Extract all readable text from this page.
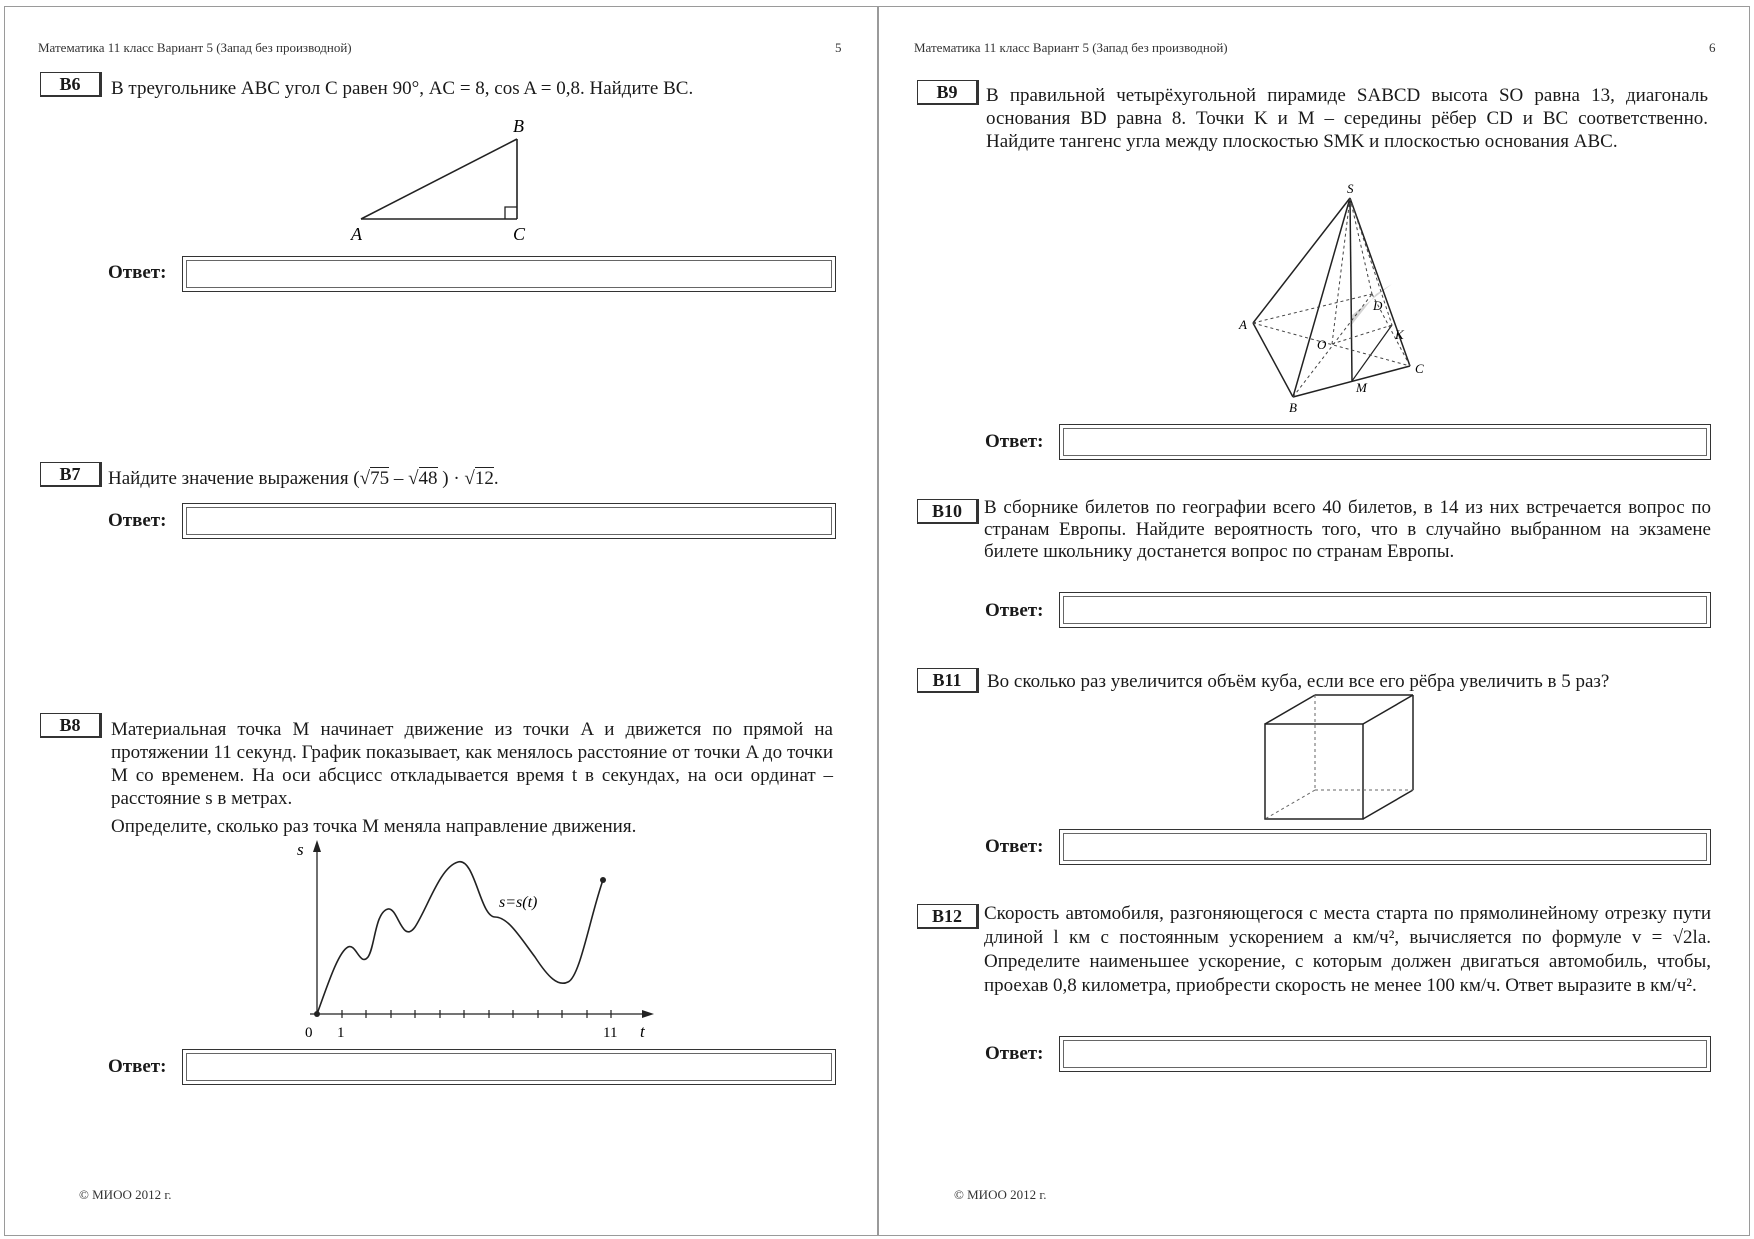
Математика 11 класс Вариант 5 (Запад без производной)	5
B6	В треугольнике ABC угол C равен 90°, AC = 8, cos A = 0,8. Найдите BC.
A
B
C
Ответ:
B7	Найдите значение выражения (√75 – √48 ) · √12.
Ответ:
B8	Материальная точка M начинает движение из точки A и движется по прямой на протяжении 11 секунд. График показывает, как менялось расстояние от точки A до точки M со временем. На оси абсцисс откладывается время t в секундах, на оси ординат – расстояние s в метрах.
Определите, сколько раз точка M меняла направление движения.
s
t
s=s(t)
0 1	11
Ответ:
© МИОО 2012 г.
Математика 11 класс Вариант 5 (Запад без производной)	6
B9	В правильной четырёхугольной пирамиде SABCD высота SO равна 13, диагональ основания BD равна 8. Точки K и M – середины рёбер CD и BC соответственно. Найдите тангенс угла между плоскостью SMK и плоскостью основания ABC.
S
A
B
C
D
O
K
M
Ответ:
B10	В сборнике билетов по географии всего 40 билетов, в 14 из них встречается вопрос по странам Европы. Найдите вероятность того, что в случайно выбранном на экзамене билете школьнику достанется вопрос по странам Европы.
Ответ:
B11	Во сколько раз увеличится объём куба, если все его рёбра увеличить в 5 раз?
Ответ:
B12	Скорость автомобиля, разгоняющегося с места старта по прямолинейному отрезку пути длиной l км с постоянным ускорением a км/ч², вычисляется по формуле v = √2la. Определите наименьшее ускорение, с которым должен двигаться автомобиль, чтобы, проехав 0,8 километра, приобрести скорость не менее 100 км/ч. Ответ выразите в км/ч².
Ответ:
© МИОО 2012 г.
